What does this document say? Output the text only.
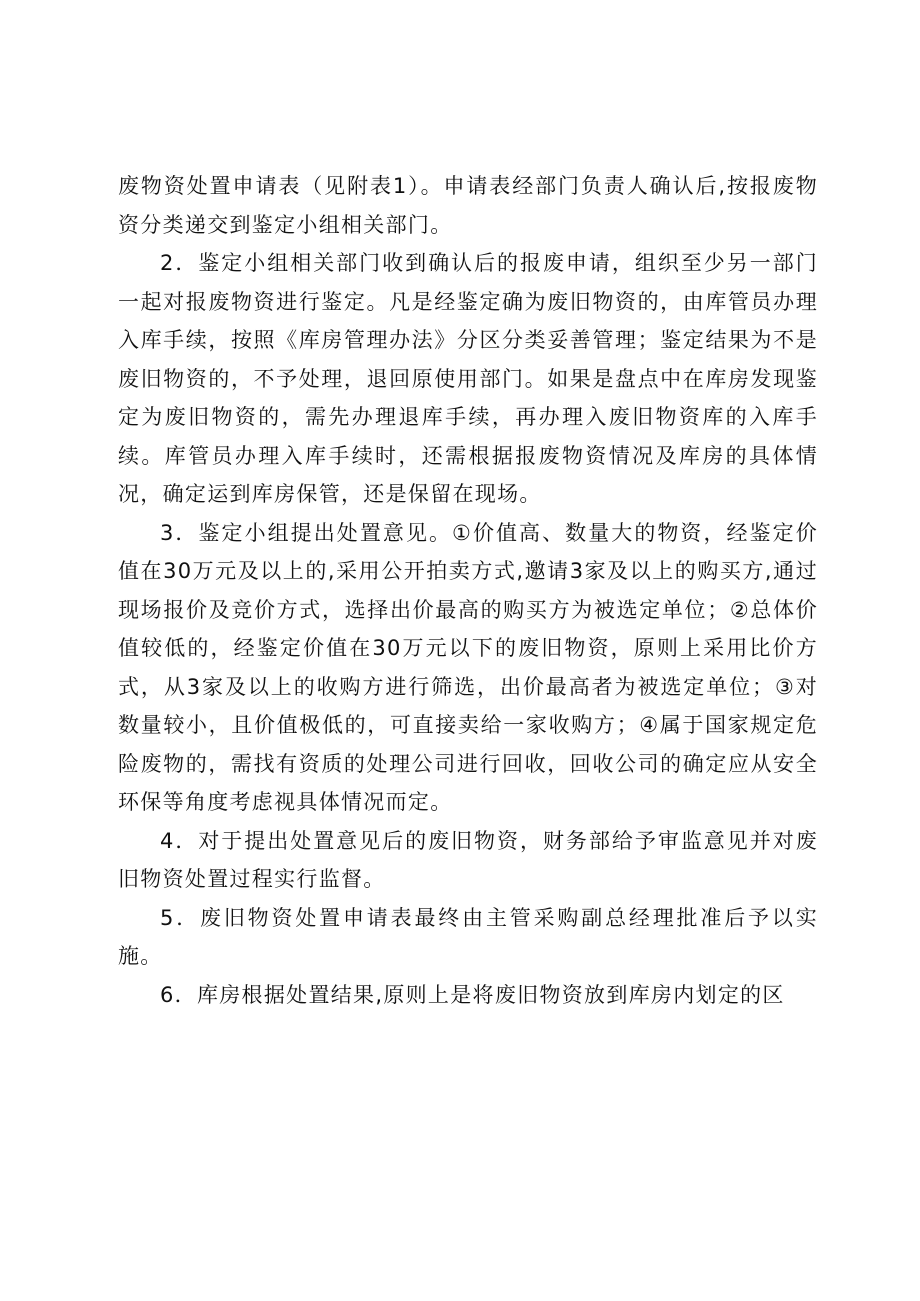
废物资处置申请表（见附表1）。申请表经部门负责人确认后,按报废物资分类递交到鉴定小组相关部门。

2．鉴定小组相关部门收到确认后的报废申请，组织至少另一部门一起对报废物资进行鉴定。凡是经鉴定确为废旧物资的，由库管员办理入库手续，按照《库房管理办法》分区分类妥善管理；鉴定结果为不是废旧物资的，不予处理，退回原使用部门。如果是盘点中在库房发现鉴定为废旧物资的，需先办理退库手续，再办理入废旧物资库的入库手续。库管员办理入库手续时，还需根据报废物资情况及库房的具体情况，确定运到库房保管，还是保留在现场。

3．鉴定小组提出处置意见。①价值高、数量大的物资，经鉴定价值在30万元及以上的,采用公开拍卖方式,邀请3家及以上的购买方,通过现场报价及竞价方式，选择出价最高的购买方为被选定单位；②总体价值较低的，经鉴定价值在30万元以下的废旧物资，原则上采用比价方式，从3家及以上的收购方进行筛选，出价最高者为被选定单位；③对数量较小，且价值极低的，可直接卖给一家收购方；④属于国家规定危险废物的，需找有资质的处理公司进行回收，回收公司的确定应从安全环保等角度考虑视具体情况而定。

4．对于提出处置意见后的废旧物资，财务部给予审监意见并对废旧物资处置过程实行监督。

5．废旧物资处置申请表最终由主管采购副总经理批准后予以实施。

6．库房根据处置结果,原则上是将废旧物资放到库房内划定的区
